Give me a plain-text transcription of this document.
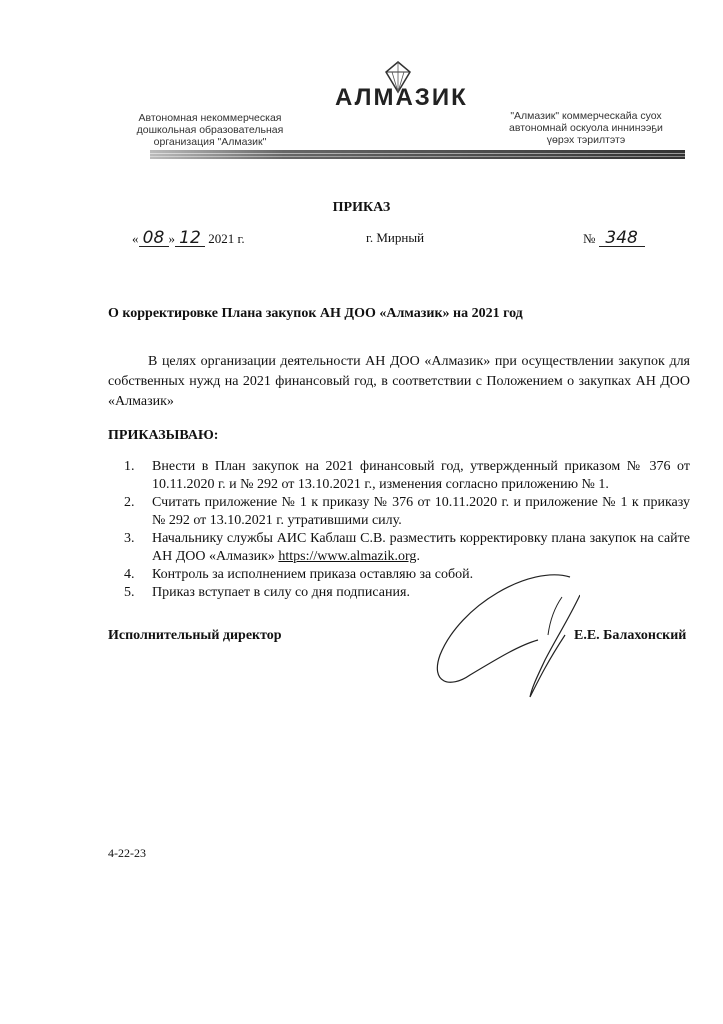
Автономная некоммерческая
дошкольная образовательная
организация "Алмазик"
АЛМАЗИК
"Алмазик" коммерческайа суох
автономнай оскуола иннинээҕи
үөрэх тэрилтэтэ
ПРИКАЗ
« 08 » 12 2021 г.	г. Мирный	№ 348
О корректировке Плана закупок АН ДОО «Алмазик» на 2021 год

В целях организации деятельности АН ДОО «Алмазик» при осуществлении закупок для собственных нужд на 2021 финансовый год, в соответствии с Положением о закупках АН ДОО «Алмазик»

ПРИКАЗЫВАЮ:
1. Внести в План закупок на 2021 финансовый год, утвержденный приказом № 376 от 10.11.2020 г. и № 292 от 13.10.2021 г., изменения согласно приложению № 1.
2. Считать приложение № 1 к приказу № 376 от 10.11.2020 г. и приложение № 1 к приказу № 292 от 13.10.2021 г. утратившими силу.
3. Начальнику службы АИС Каблаш С.В. разместить корректировку плана закупок на сайте АН ДОО «Алмазик» https://www.almazik.org.
4. Контроль за исполнением приказа оставляю за собой.
5. Приказ вступает в силу со дня подписания.
Исполнительный директор	Е.Е. Балахонский
4-22-23
